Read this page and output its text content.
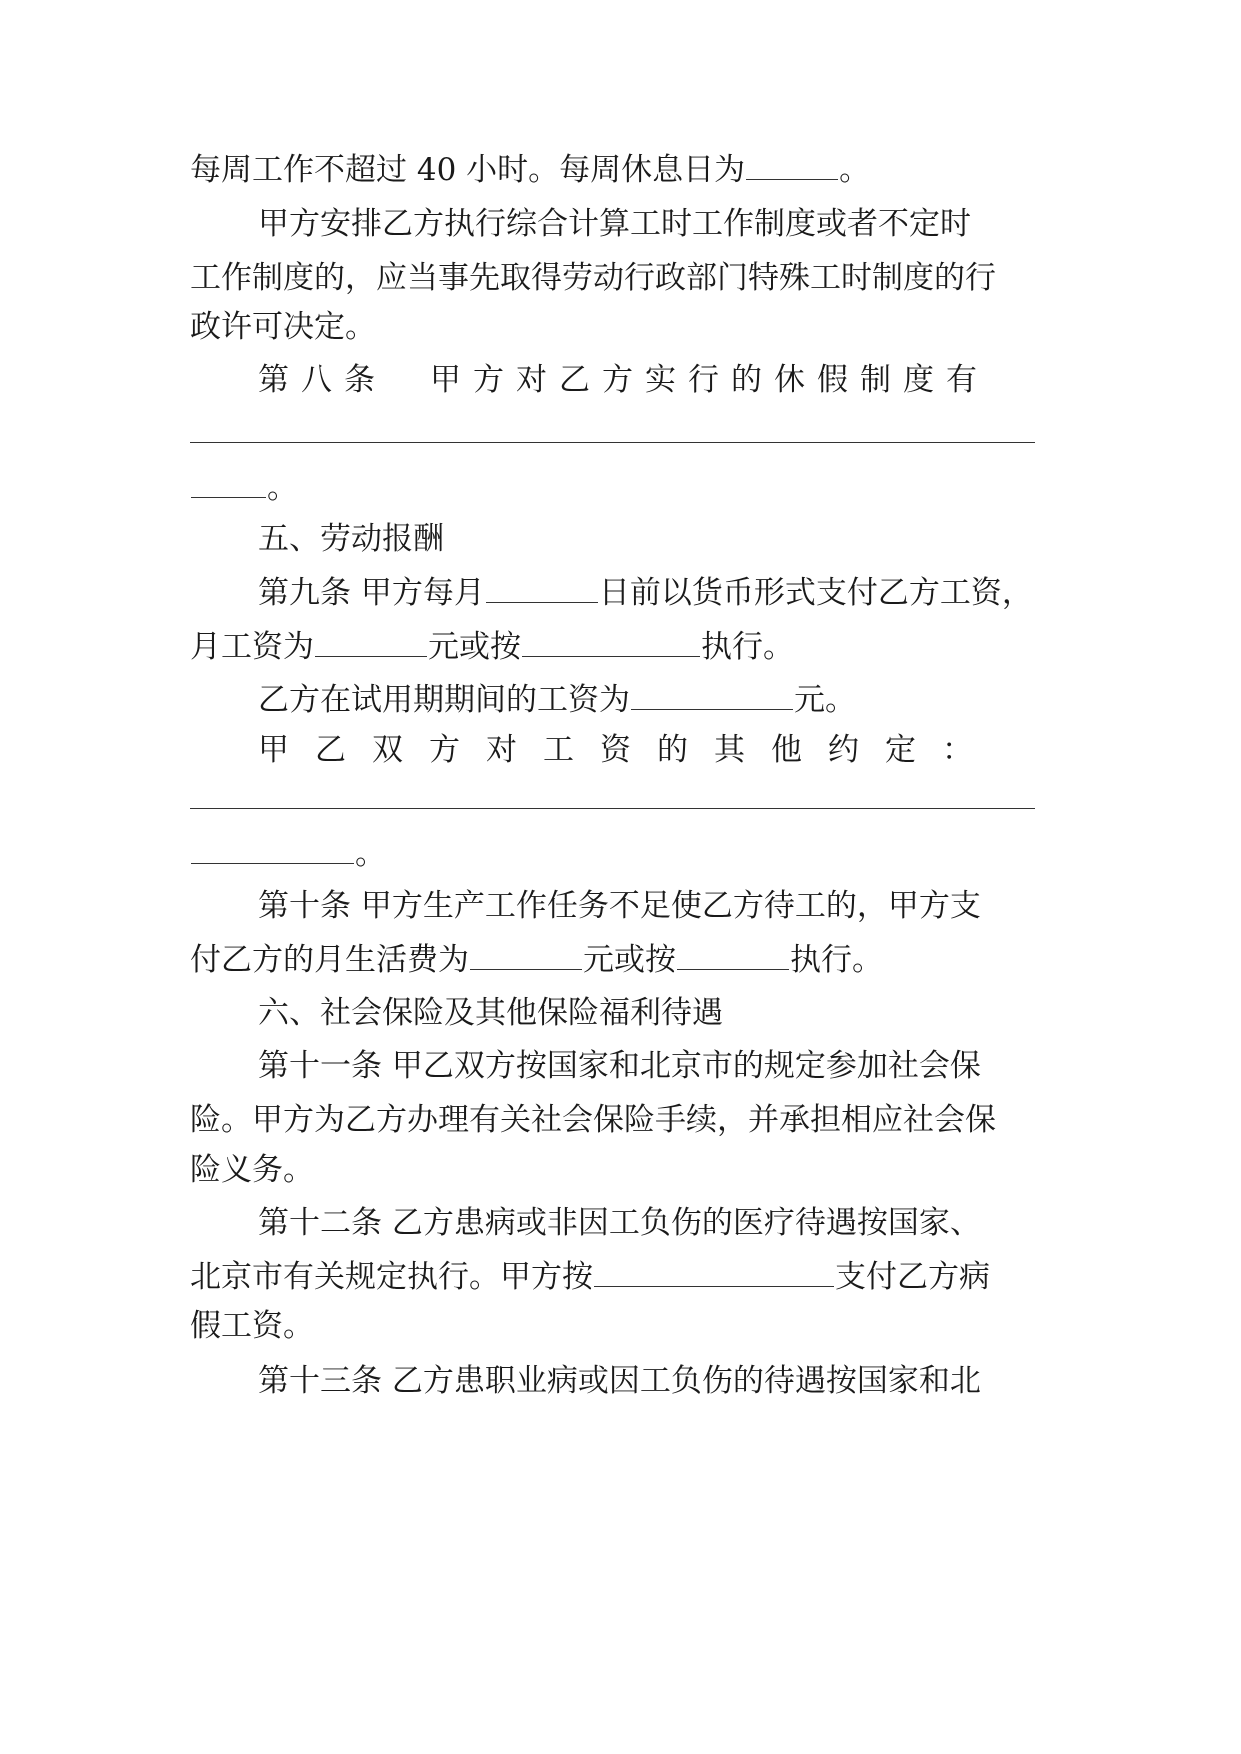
每周工作不超过 40 小时。每周休息日为	。
甲方安排乙方执行综合计算工时工作制度或者不定时
工作制度的，应当事先取得劳动行政部门特殊工时制度的行
政许可决定。
第八条　甲方对乙方实行的休假制度有
。
五、劳动报酬
第九条 甲方每月	日前以货币形式支付乙方工资，
月工资为	元或按	执行。
乙方在试用期期间的工资为	元。
甲乙双方对工资的其他约定：
。
第十条 甲方生产工作任务不足使乙方待工的，甲方支
付乙方的月生活费为	元或按	执行。
六、社会保险及其他保险福利待遇
第十一条 甲乙双方按国家和北京市的规定参加社会保
险。甲方为乙方办理有关社会保险手续，并承担相应社会保
险义务。
第十二条 乙方患病或非因工负伤的医疗待遇按国家、
北京市有关规定执行。甲方按	支付乙方病
假工资。
第十三条 乙方患职业病或因工负伤的待遇按国家和北
